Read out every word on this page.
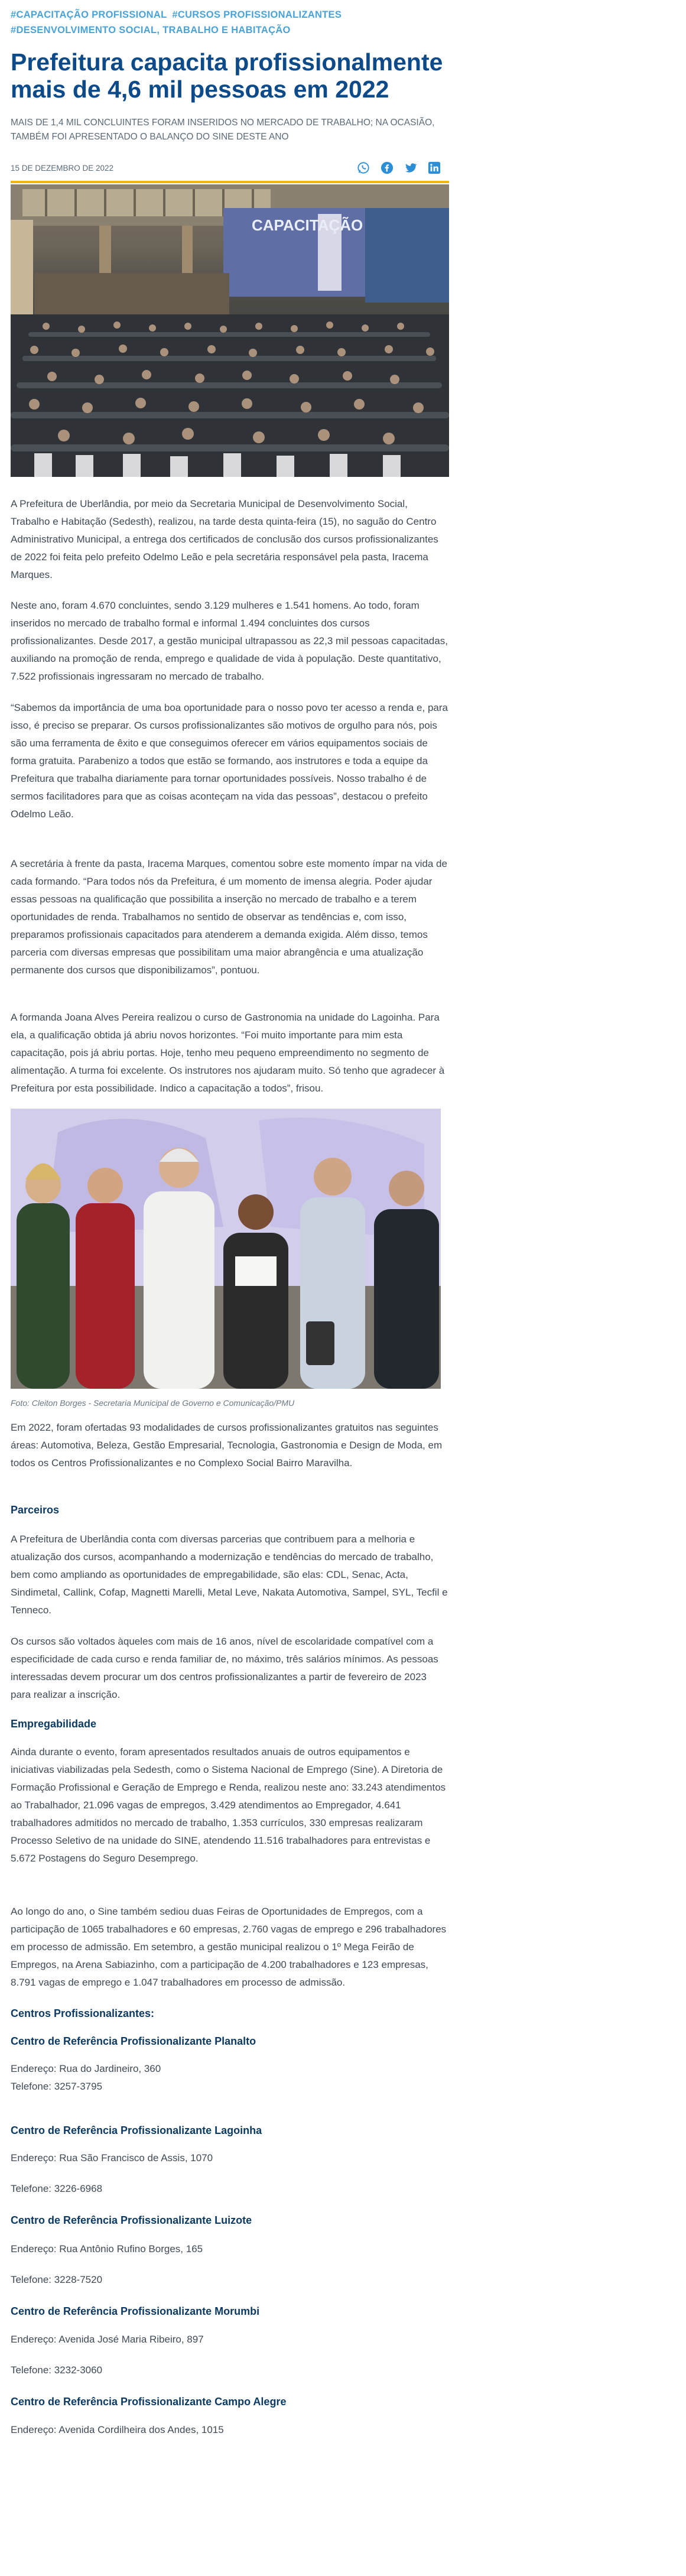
#CAPACITAÇÃO PROFISSIONAL #CURSOS PROFISSIONALIZANTES #DESENVOLVIMENTO SOCIAL, TRABALHO E HABITAÇÃO
Prefeitura capacita profissionalmente mais de 4,6 mil pessoas em 2022
MAIS DE 1,4 MIL CONCLUINTES FORAM INSERIDOS NO MERCADO DE TRABALHO; NA OCASIÃO, TAMBÉM FOI APRESENTADO O BALANÇO DO SINE DESTE ANO
15 DE DEZEMBRO DE 2022
CAPACITAÇÃO

A Prefeitura de Uberlândia, por meio da Secretaria Municipal de Desenvolvimento Social, Trabalho e Habitação (Sedesth), realizou, na tarde desta quinta-feira (15), no saguão do Centro Administrativo Municipal, a entrega dos certificados de conclusão dos cursos profissionalizantes de 2022 foi feita pelo prefeito Odelmo Leão e pela secretária responsável pela pasta, Iracema Marques.

Neste ano, foram 4.670 concluintes, sendo 3.129 mulheres e 1.541 homens. Ao todo, foram inseridos no mercado de trabalho formal e informal 1.494 concluintes dos cursos profissionalizantes. Desde 2017, a gestão municipal ultrapassou as 22,3 mil pessoas capacitadas, auxiliando na promoção de renda, emprego e qualidade de vida à população. Deste quantitativo, 7.522 profissionais ingressaram no mercado de trabalho.

“Sabemos da importância de uma boa oportunidade para o nosso povo ter acesso a renda e, para isso, é preciso se preparar. Os cursos profissionalizantes são motivos de orgulho para nós, pois são uma ferramenta de êxito e que conseguimos oferecer em vários equipamentos sociais de forma gratuita. Parabenizo a todos que estão se formando, aos instrutores e toda a equipe da Prefeitura que trabalha diariamente para tornar oportunidades possíveis. Nosso trabalho é de sermos facilitadores para que as coisas aconteçam na vida das pessoas”, destacou o prefeito Odelmo Leão.

A secretária à frente da pasta, Iracema Marques, comentou sobre este momento ímpar na vida de cada formando. “Para todos nós da Prefeitura, é um momento de imensa alegria. Poder ajudar essas pessoas na qualificação que possibilita a inserção no mercado de trabalho e a terem oportunidades de renda. Trabalhamos no sentido de observar as tendências e, com isso, preparamos profissionais capacitados para atenderem a demanda exigida. Além disso, temos parceria com diversas empresas que possibilitam uma maior abrangência e uma atualização permanente dos cursos que disponibilizamos”, pontuou.

A formanda Joana Alves Pereira realizou o curso de Gastronomia na unidade do Lagoinha. Para ela, a qualificação obtida já abriu novos horizontes. “Foi muito importante para mim esta capacitação, pois já abriu portas. Hoje, tenho meu pequeno empreendimento no segmento de alimentação. A turma foi excelente. Os instrutores nos ajudaram muito. Só tenho que agradecer à Prefeitura por esta possibilidade. Indico a capacitação a todos”, frisou.

Foto: Cleiton Borges - Secretaria Municipal de Governo e Comunicação/PMU

Em 2022, foram ofertadas 93 modalidades de cursos profissionalizantes gratuitos nas seguintes áreas: Automotiva, Beleza, Gestão Empresarial, Tecnologia, Gastronomia e Design de Moda, em todos os Centros Profissionalizantes e no Complexo Social Bairro Maravilha.

Parceiros

A Prefeitura de Uberlândia conta com diversas parcerias que contribuem para a melhoria e atualização dos cursos, acompanhando a modernização e tendências do mercado de trabalho, bem como ampliando as oportunidades de empregabilidade, são elas: CDL, Senac, Acta, Sindimetal, Callink, Cofap, Magnetti Marelli, Metal Leve, Nakata Automotiva, Sampel, SYL, Tecfil e Tenneco.

Os cursos são voltados àqueles com mais de 16 anos, nível de escolaridade compatível com a especificidade de cada curso e renda familiar de, no máximo, três salários mínimos. As pessoas interessadas devem procurar um dos centros profissionalizantes a partir de fevereiro de 2023 para realizar a inscrição.

Empregabilidade

Ainda durante o evento, foram apresentados resultados anuais de outros equipamentos e iniciativas viabilizadas pela Sedesth, como o Sistema Nacional de Emprego (Sine). A Diretoria de Formação Profissional e Geração de Emprego e Renda, realizou neste ano: 33.243 atendimentos ao Trabalhador, 21.096 vagas de empregos, 3.429 atendimentos ao Empregador, 4.641 trabalhadores admitidos no mercado de trabalho, 1.353 currículos, 330 empresas realizaram Processo Seletivo de na unidade do SINE, atendendo 11.516 trabalhadores para entrevistas e 5.672 Postagens do Seguro Desemprego.

Ao longo do ano, o Sine também sediou duas Feiras de Oportunidades de Empregos, com a participação de 1065 trabalhadores e 60 empresas, 2.760 vagas de emprego e 296 trabalhadores em processo de admissão. Em setembro, a gestão municipal realizou o 1º Mega Feirão de Empregos, na Arena Sabiazinho, com a participação de 4.200 trabalhadores e 123 empresas, 8.791 vagas de emprego e 1.047 trabalhadores em processo de admissão.

Centros Profissionalizantes:
Centro de Referência Profissionalizante Planalto

Endereço: Rua do Jardineiro, 360

Telefone: 3257-3795

Centro de Referência Profissionalizante Lagoinha

Endereço: Rua São Francisco de Assis, 1070

Telefone: 3226-6968

Centro de Referência Profissionalizante Luizote

Endereço: Rua Antônio Rufino Borges, 165

Telefone: 3228-7520

Centro de Referência Profissionalizante Morumbi

Endereço: Avenida José Maria Ribeiro, 897

Telefone: 3232-3060

Centro de Referência Profissionalizante Campo Alegre

Endereço: Avenida Cordilheira dos Andes, 1015
